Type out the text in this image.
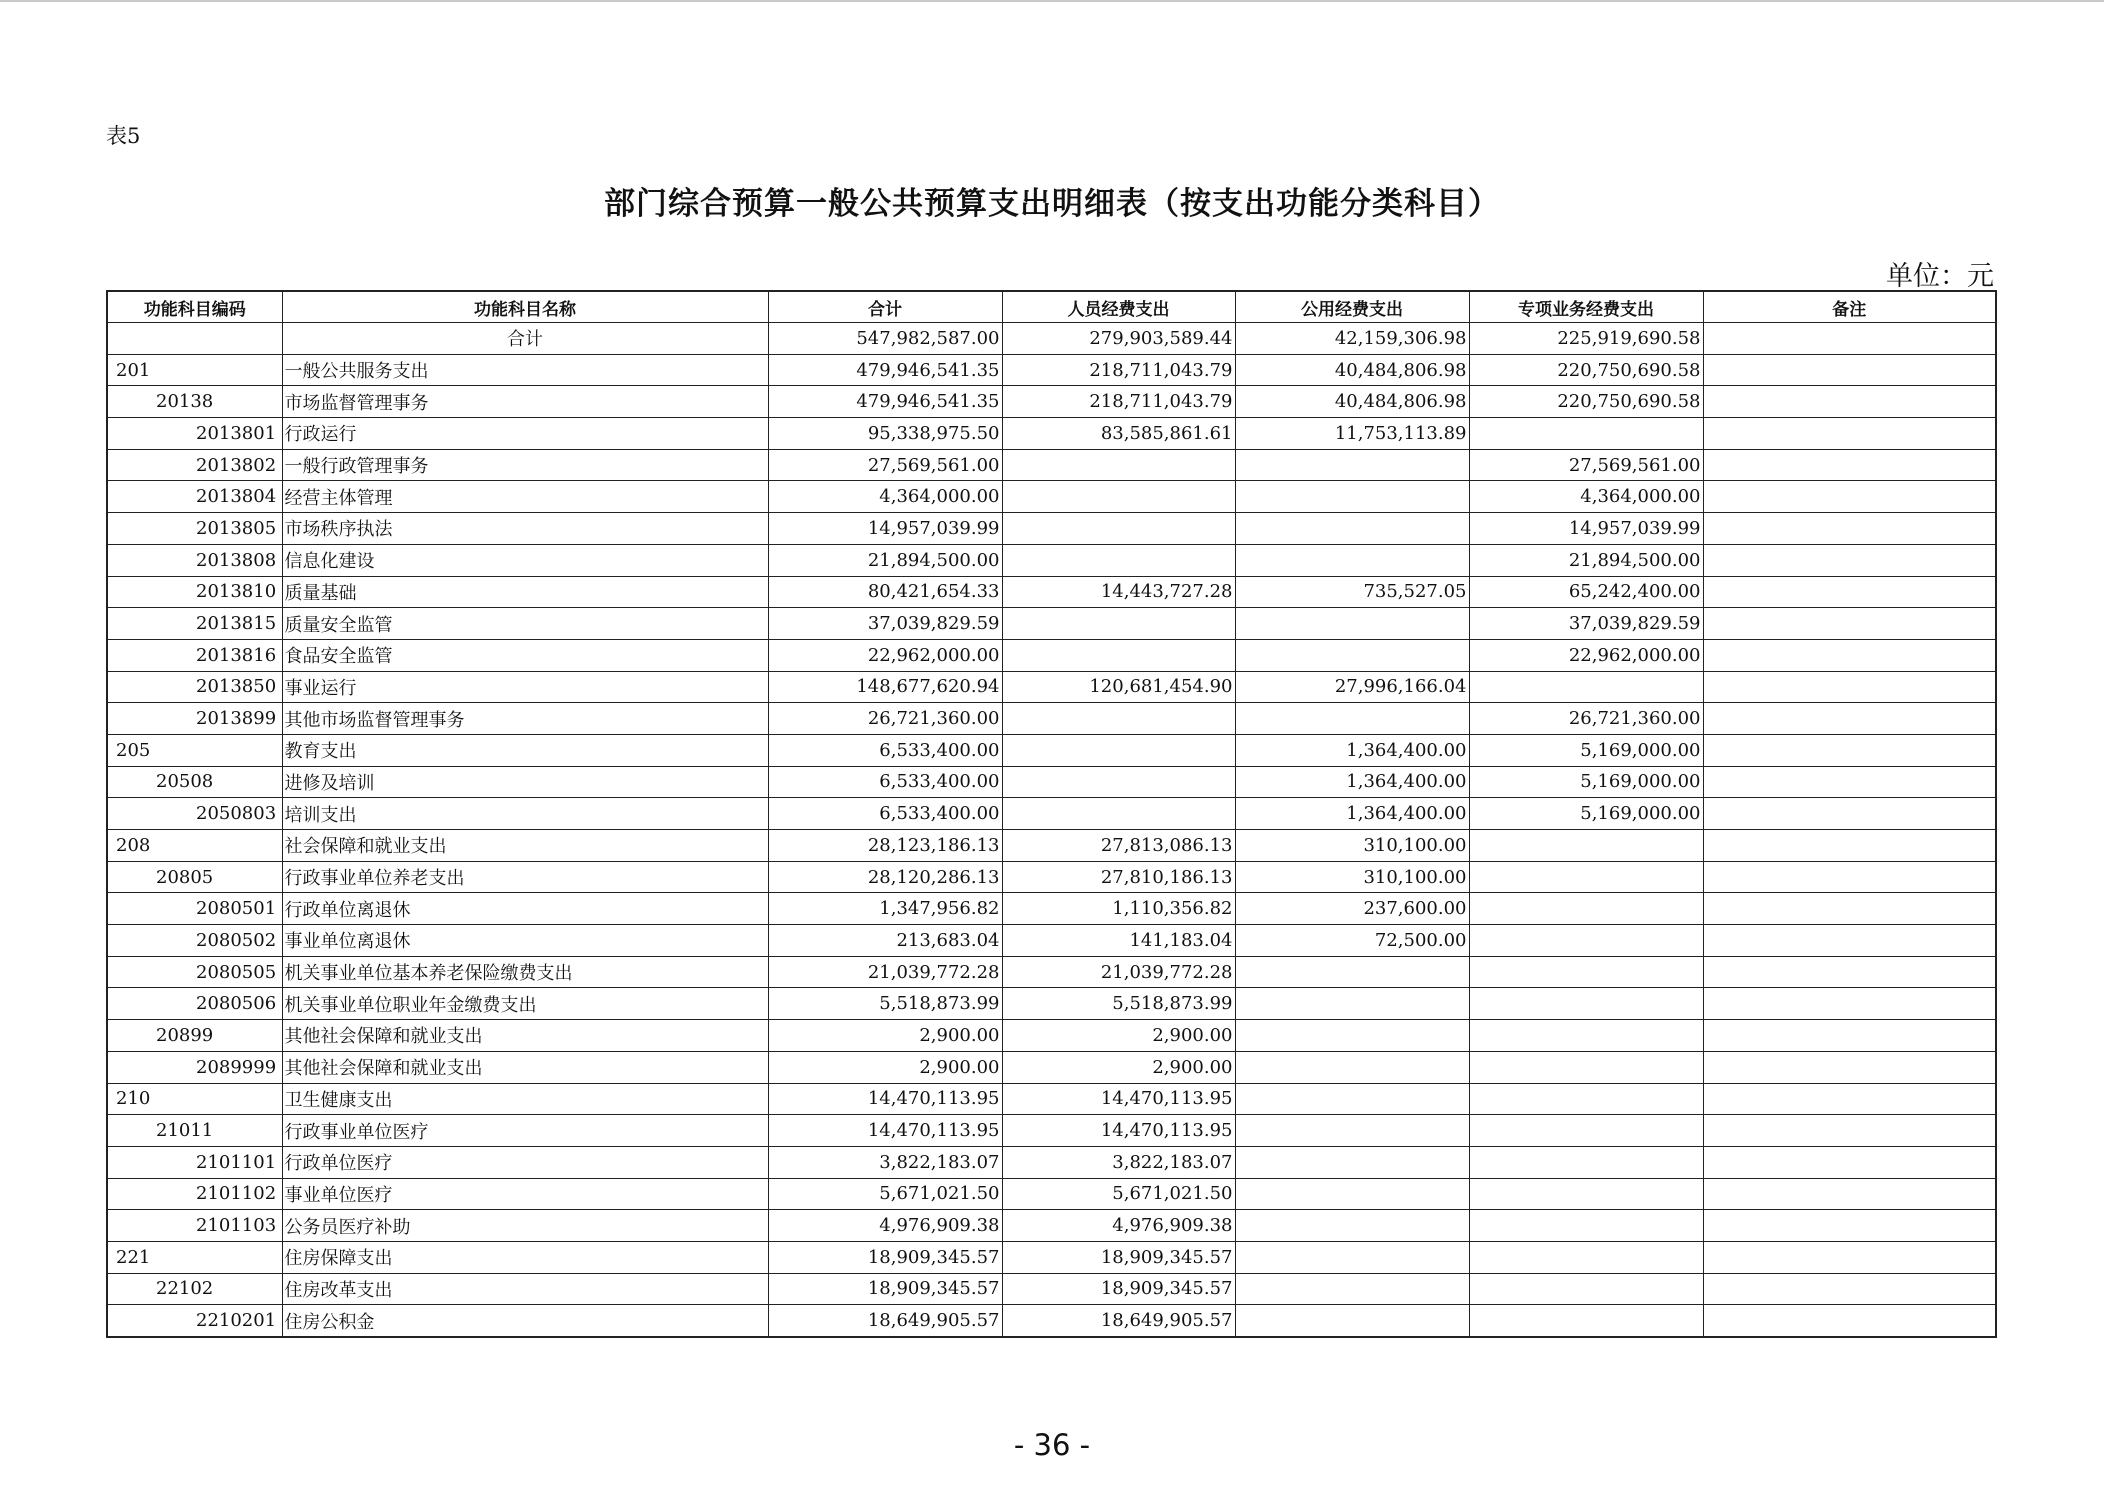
表5
部门综合预算一般公共预算支出明细表（按支出功能分类科目）
单位：元
功能科目编码	功能科目名称	合计	人员经费支出	公用经费支出	专项业务经费支出	备注
	合计	547,982,587.00	279,903,589.44	42,159,306.98	225,919,690.58	
201	一般公共服务支出	479,946,541.35	218,711,043.79	40,484,806.98	220,750,690.58	
20138	市场监督管理事务	479,946,541.35	218,711,043.79	40,484,806.98	220,750,690.58	
2013801	行政运行	95,338,975.50	83,585,861.61	11,753,113.89		
2013802	一般行政管理事务	27,569,561.00			27,569,561.00	
2013804	经营主体管理	4,364,000.00			4,364,000.00	
2013805	市场秩序执法	14,957,039.99			14,957,039.99	
2013808	信息化建设	21,894,500.00			21,894,500.00	
2013810	质量基础	80,421,654.33	14,443,727.28	735,527.05	65,242,400.00	
2013815	质量安全监管	37,039,829.59			37,039,829.59	
2013816	食品安全监管	22,962,000.00			22,962,000.00	
2013850	事业运行	148,677,620.94	120,681,454.90	27,996,166.04		
2013899	其他市场监督管理事务	26,721,360.00			26,721,360.00	
205	教育支出	6,533,400.00		1,364,400.00	5,169,000.00	
20508	进修及培训	6,533,400.00		1,364,400.00	5,169,000.00	
2050803	培训支出	6,533,400.00		1,364,400.00	5,169,000.00	
208	社会保障和就业支出	28,123,186.13	27,813,086.13	310,100.00		
20805	行政事业单位养老支出	28,120,286.13	27,810,186.13	310,100.00		
2080501	行政单位离退休	1,347,956.82	1,110,356.82	237,600.00		
2080502	事业单位离退休	213,683.04	141,183.04	72,500.00		
2080505	机关事业单位基本养老保险缴费支出	21,039,772.28	21,039,772.28			
2080506	机关事业单位职业年金缴费支出	5,518,873.99	5,518,873.99			
20899	其他社会保障和就业支出	2,900.00	2,900.00			
2089999	其他社会保障和就业支出	2,900.00	2,900.00			
210	卫生健康支出	14,470,113.95	14,470,113.95			
21011	行政事业单位医疗	14,470,113.95	14,470,113.95			
2101101	行政单位医疗	3,822,183.07	3,822,183.07			
2101102	事业单位医疗	5,671,021.50	5,671,021.50			
2101103	公务员医疗补助	4,976,909.38	4,976,909.38			
221	住房保障支出	18,909,345.57	18,909,345.57			
22102	住房改革支出	18,909,345.57	18,909,345.57			
2210201	住房公积金	18,649,905.57	18,649,905.57			
- 36 -
